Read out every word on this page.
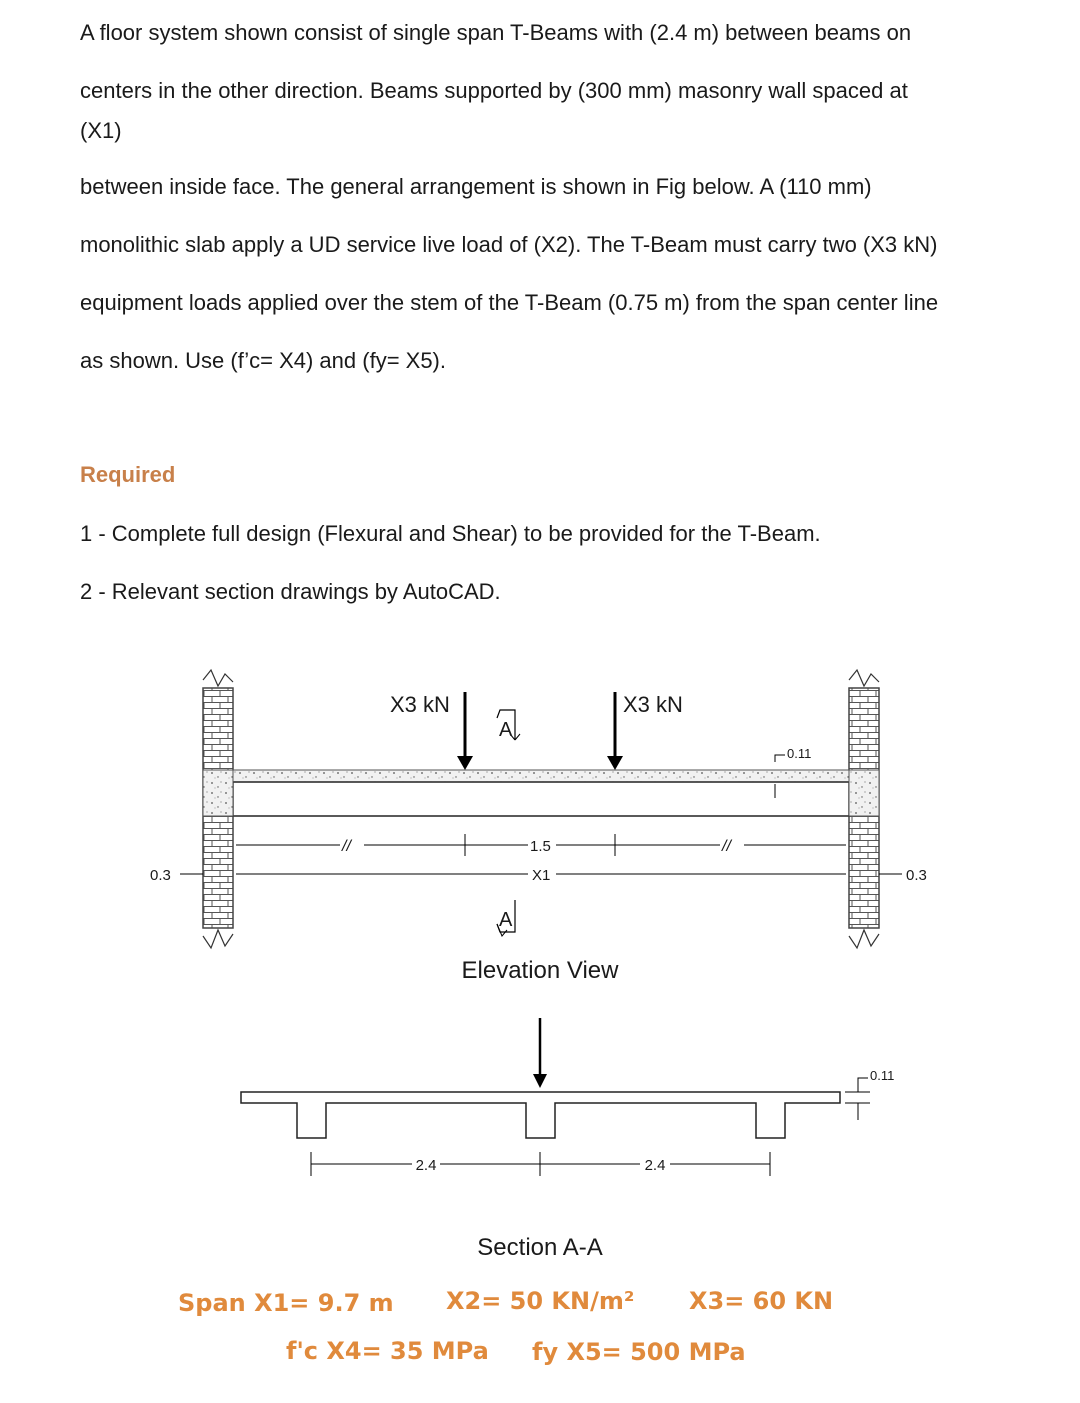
A floor system shown consist of single span T-Beams with (2.4 m) between beams on

centers in the other direction. Beams supported by (300 mm) masonry wall spaced at

(X1)

between inside face. The general arrangement is shown in Fig below. A (110 mm)

monolithic slab apply a UD service live load of (X2). The T-Beam must carry two (X3 kN)

equipment loads applied over the stem of the T-Beam (0.75 m) from the span center line

as shown. Use (f’c= X4) and (fy= X5).

Required

1 - Complete full design (Flexural and Shear) to be provided for the T-Beam.

2 - Relevant section drawings by AutoCAD.

X3 kN	X3 kN
A
A
0.11
//	//
1.5
X1
0.3	0.3
Elevation View
0.11
2.4	2.4
Section A-A
Span X1= 9.7 m X2= 50 KN/m² X3= 60 KN
f'c X4= 35 MPa fy X5= 500 MPa
